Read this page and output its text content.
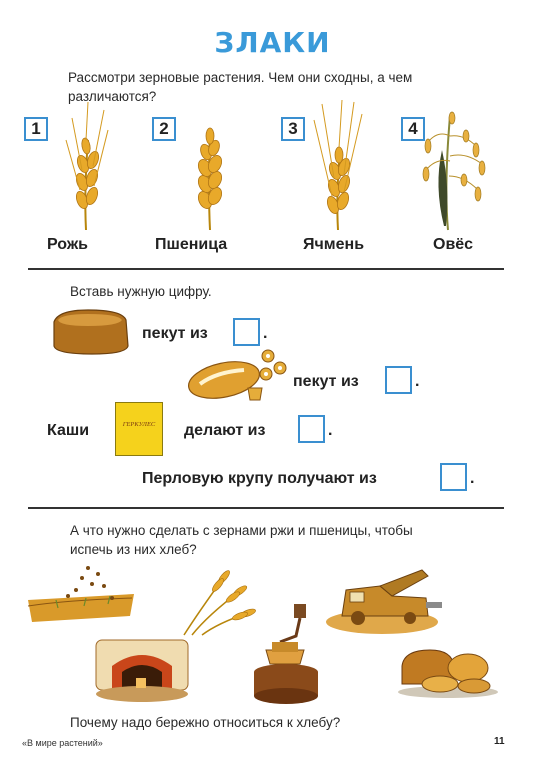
ЗЛАКИ
Рассмотри зерновые растения. Чем они сходны, а чем
различаются?
1	2	3	4
Рожь	Пшеница	Ячмень	Овёс
Вставь нужную цифру.
пекут из	.
пекут из	.
Каши	ГЕРКУЛЕС	делают из	.
Перловую крупу получают из	.
А что нужно сделать с зернами ржи и пшеницы, чтобы
испечь из них хлеб?
Почему надо бережно относиться к хлебу?
«В мире растений»	11
